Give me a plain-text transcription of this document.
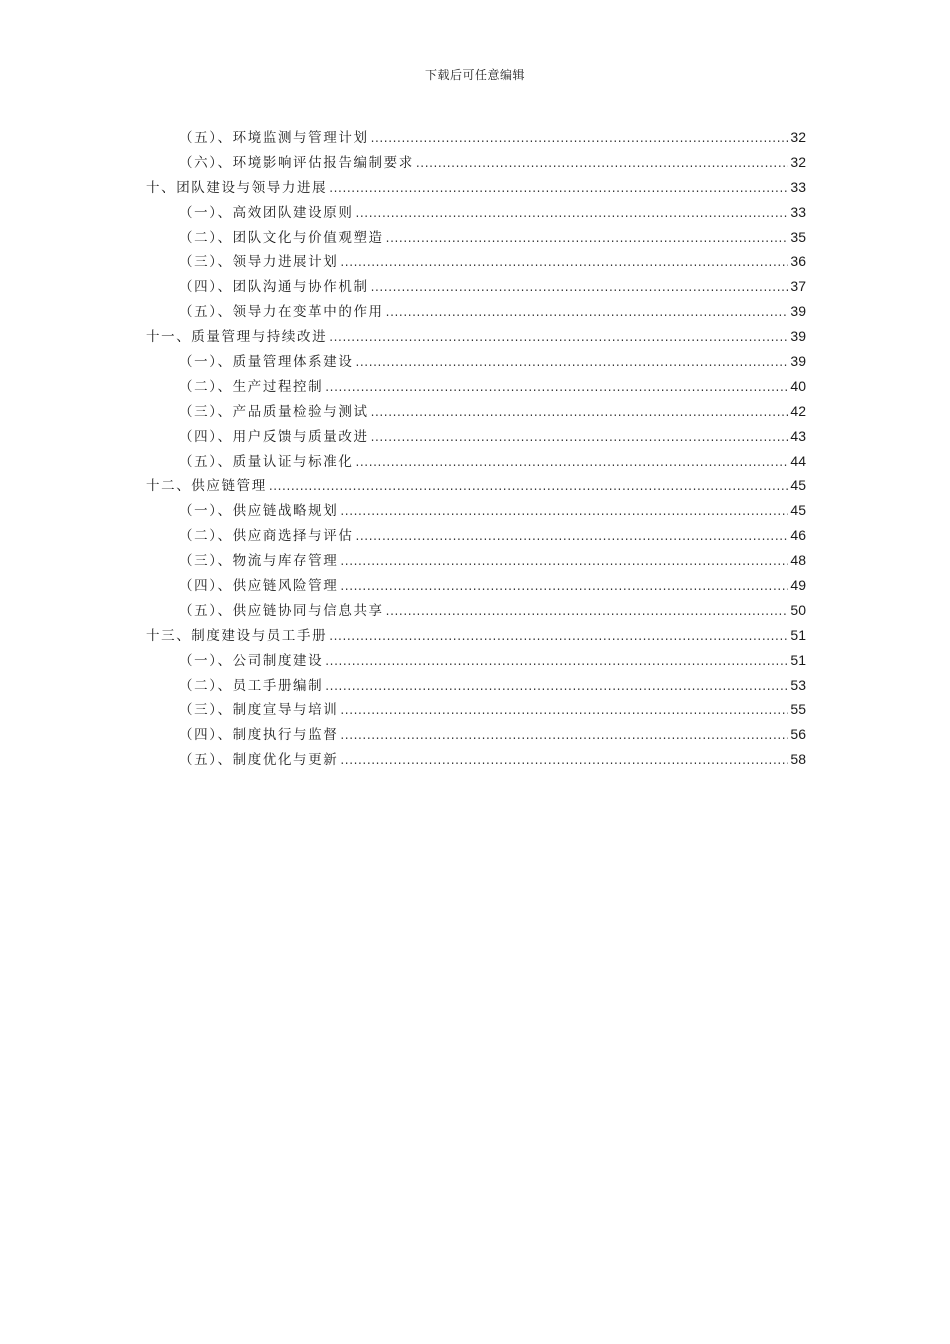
下载后可任意编辑
（五）、环境监测与管理计划 .....	32
（六）、环境影响评估报告编制要求 .....	32
十、团队建设与领导力进展 .....	33
（一）、高效团队建设原则 .....	33
（二）、团队文化与价值观塑造 .....	35
（三）、领导力进展计划 .....	36
（四）、团队沟通与协作机制 .....	37
（五）、领导力在变革中的作用 .....	39
十一、质量管理与持续改进 .....	39
（一）、质量管理体系建设 .....	39
（二）、生产过程控制 .....	40
（三）、产品质量检验与测试 .....	42
（四）、用户反馈与质量改进 .....	43
（五）、质量认证与标准化 .....	44
十二、供应链管理 .....	45
（一）、供应链战略规划 .....	45
（二）、供应商选择与评估 .....	46
（三）、物流与库存管理 .....	48
（四）、供应链风险管理 .....	49
（五）、供应链协同与信息共享 .....	50
十三、制度建设与员工手册 .....	51
（一）、公司制度建设 .....	51
（二）、员工手册编制 .....	53
（三）、制度宣导与培训 .....	55
（四）、制度执行与监督 .....	56
（五）、制度优化与更新 .....	58
